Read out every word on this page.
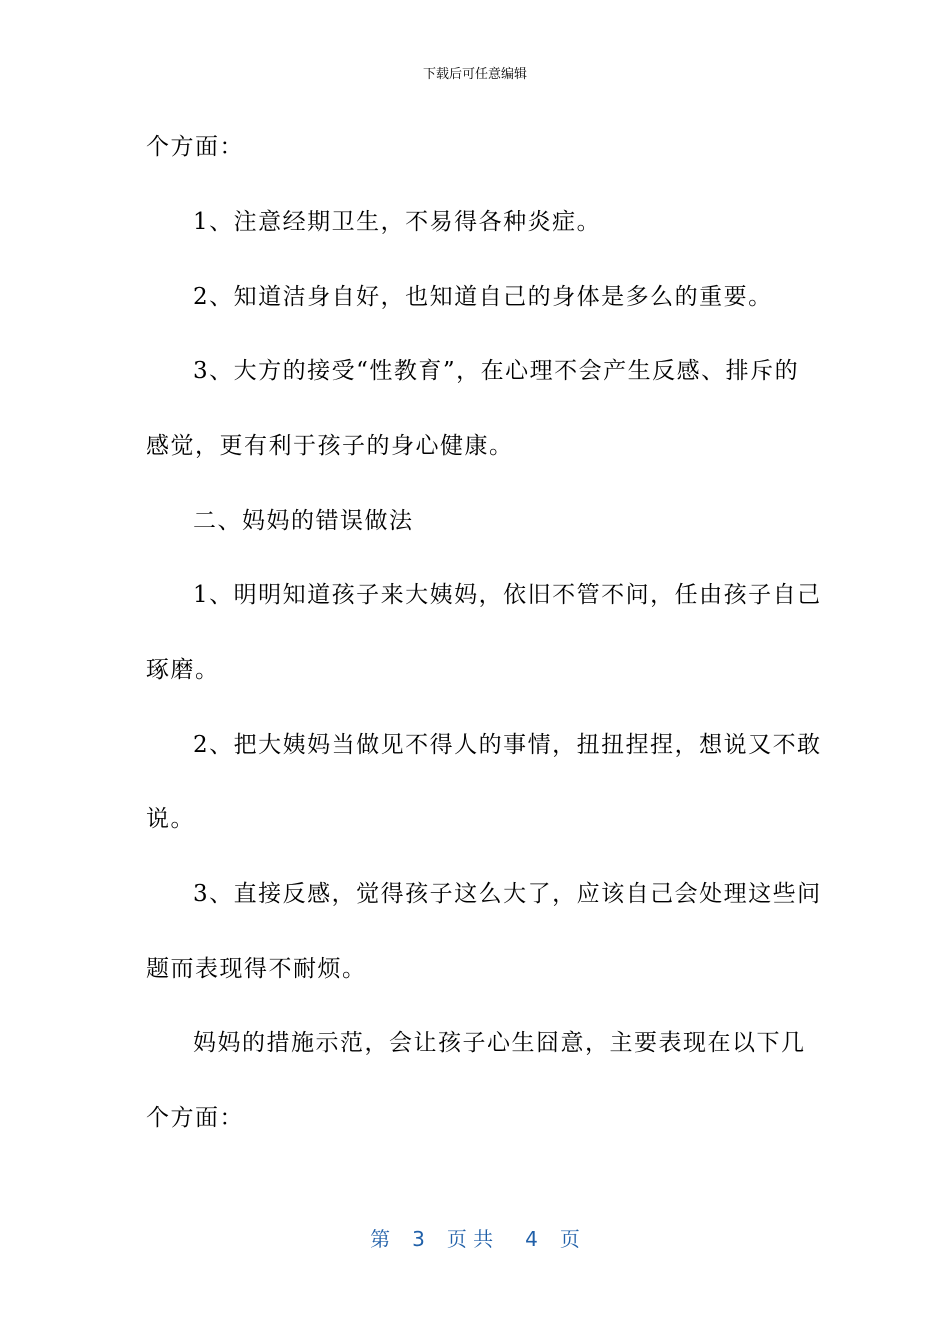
下载后可任意编辑
个方面：
1、注意经期卫生，不易得各种炎症。
2、知道洁身自好，也知道自己的身体是多么的重要。
3、大方的接受“性教育”，在心理不会产生反感、排斥的
感觉，更有利于孩子的身心健康。
二、妈妈的错误做法
1、明明知道孩子来大姨妈，依旧不管不问，任由孩子自己
琢磨。
2、把大姨妈当做见不得人的事情，扭扭捏捏，想说又不敢
说。
3、直接反感，觉得孩子这么大了，应该自己会处理这些问
题而表现得不耐烦。
妈妈的措施示范，会让孩子心生囧意，主要表现在以下几
个方面：
第 3 页 共 4 页
